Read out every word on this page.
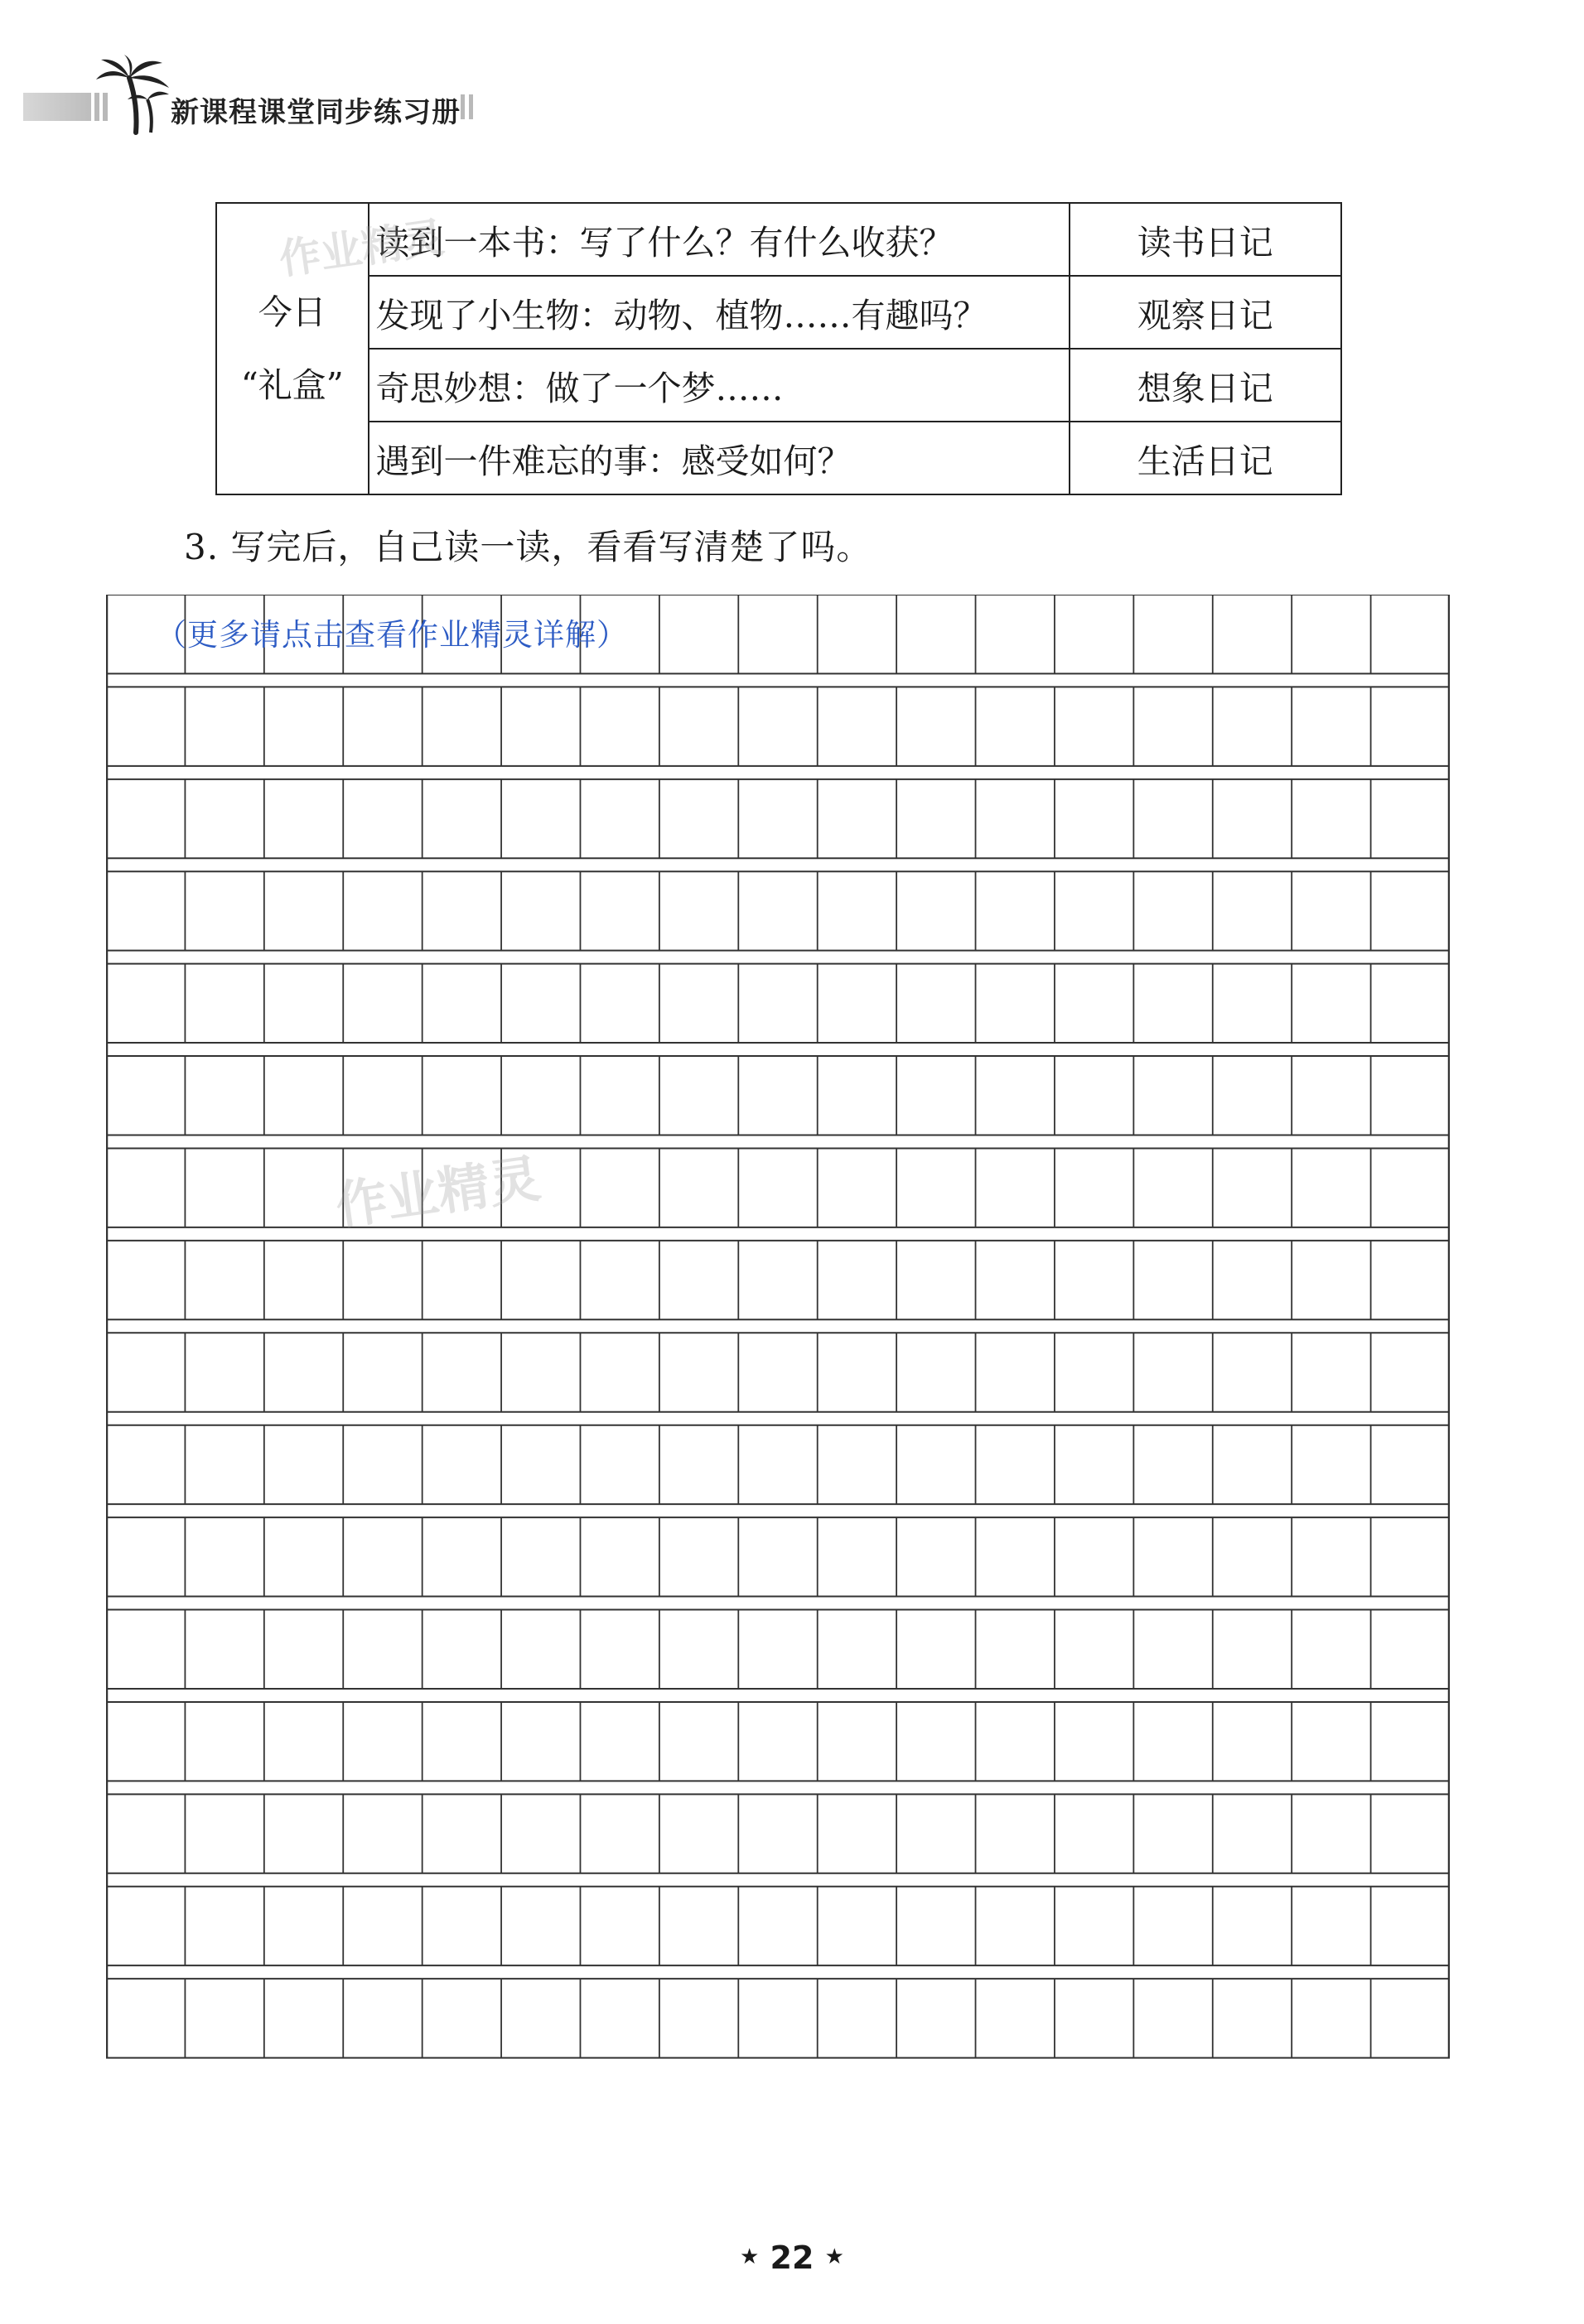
新课程课堂同步练习册
今日
“礼盒”	读到一本书：写了什么？有什么收获？	读书日记
	发现了小生物：动物、植物……有趣吗？	观察日记
	奇思妙想：做了一个梦……	想象日记
	遇到一件难忘的事：感受如何？	生活日记
作业精灵
3. 写完后，自己读一读，看看写清楚了吗。
（更多请点击查看作业精灵详解）
作业精灵
★ 22 ★
